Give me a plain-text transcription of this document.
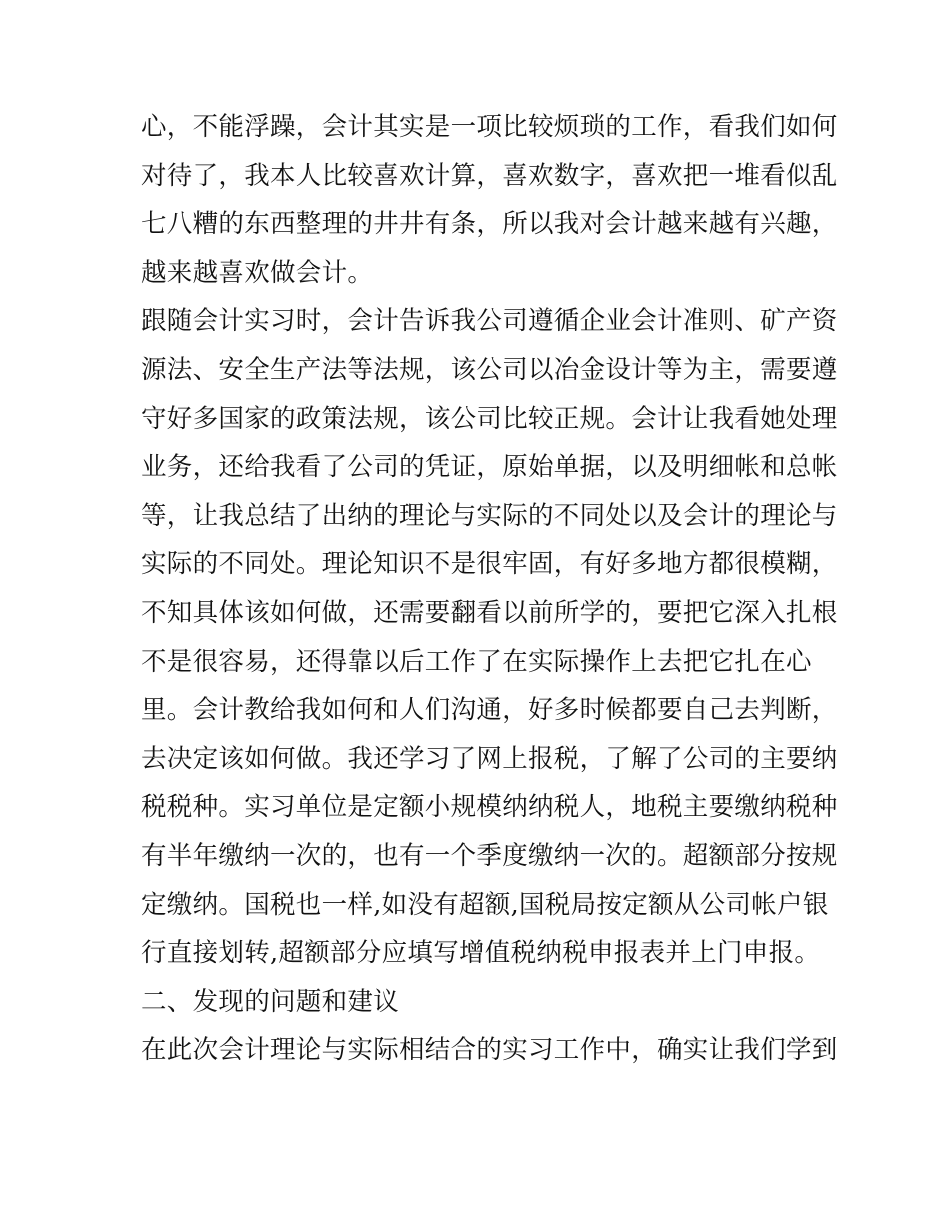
心，不能浮躁，会计其实是一项比较烦琐的工作，看我们如何
对待了，我本人比较喜欢计算，喜欢数字，喜欢把一堆看似乱
七八糟的东西整理的井井有条，所以我对会计越来越有兴趣，
越来越喜欢做会计。
跟随会计实习时，会计告诉我公司遵循企业会计准则、矿产资
源法、安全生产法等法规，该公司以冶金设计等为主，需要遵
守好多国家的政策法规，该公司比较正规。会计让我看她处理
业务，还给我看了公司的凭证，原始单据，以及明细帐和总帐
等，让我总结了出纳的理论与实际的不同处以及会计的理论与
实际的不同处。理论知识不是很牢固，有好多地方都很模糊，
不知具体该如何做，还需要翻看以前所学的，要把它深入扎根
不是很容易，还得靠以后工作了在实际操作上去把它扎在心
里。会计教给我如何和人们沟通，好多时候都要自己去判断，
去决定该如何做。我还学习了网上报税，了解了公司的主要纳
税税种。实习单位是定额小规模纳纳税人，地税主要缴纳税种
有半年缴纳一次的，也有一个季度缴纳一次的。超额部分按规
定缴纳。国税也一样,如没有超额,国税局按定额从公司帐户银
行直接划转,超额部分应填写增值税纳税申报表并上门申报。
二、发现的问题和建议
在此次会计理论与实际相结合的实习工作中，确实让我们学到
